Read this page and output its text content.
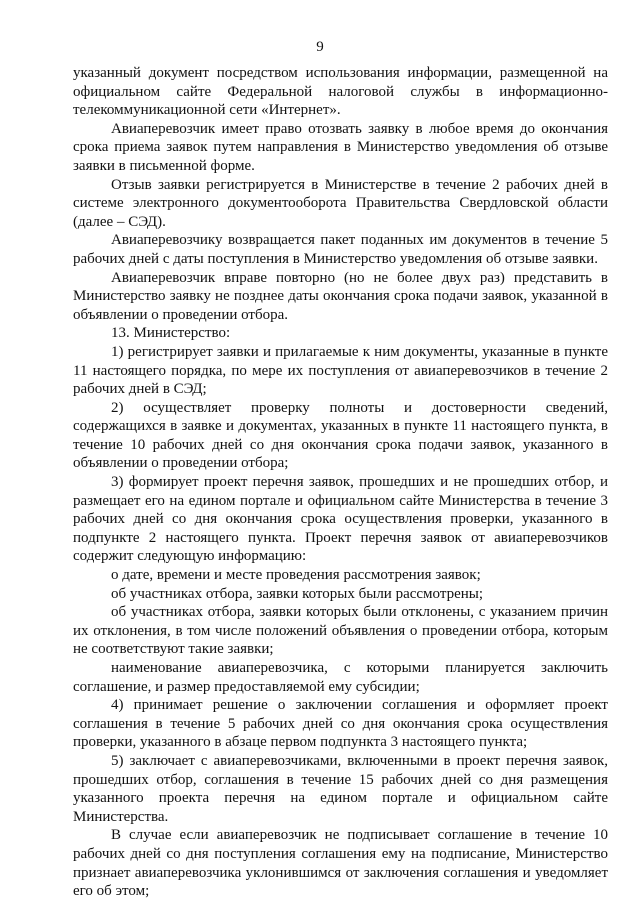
9

указанный документ посредством использования информации, размещенной на официальном сайте Федеральной налоговой службы в информационно-телекоммуникационной сети «Интернет».

Авиаперевозчик имеет право отозвать заявку в любое время до окончания срока приема заявок путем направления в Министерство уведомления об отзыве заявки в письменной форме.

Отзыв заявки регистрируется в Министерстве в течение 2 рабочих дней в системе электронного документооборота Правительства Свердловской области (далее – СЭД).

Авиаперевозчику возвращается пакет поданных им документов в течение 5 рабочих дней с даты поступления в Министерство уведомления об отзыве заявки.

Авиаперевозчик вправе повторно (но не более двух раз) представить в Министерство заявку не позднее даты окончания срока подачи заявок, указанной в объявлении о проведении отбора.

13. Министерство:

1) регистрирует заявки и прилагаемые к ним документы, указанные в пункте 11 настоящего порядка, по мере их поступления от авиаперевозчиков в течение 2 рабочих дней в СЭД;

2) осуществляет проверку полноты и достоверности сведений, содержащихся в заявке и документах, указанных в пункте 11 настоящего пункта, в течение 10 рабочих дней со дня окончания срока подачи заявок, указанного в объявлении о проведении отбора;

3) формирует проект перечня заявок, прошедших и не прошедших отбор, и размещает его на едином портале и официальном сайте Министерства в течение 3 рабочих дней со дня окончания срока осуществления проверки, указанного в подпункте 2 настоящего пункта. Проект перечня заявок от авиаперевозчиков содержит следующую информацию:

о дате, времени и месте проведения рассмотрения заявок;

об участниках отбора, заявки которых были рассмотрены;

об участниках отбора, заявки которых были отклонены, с указанием причин их отклонения, в том числе положений объявления о проведении отбора, которым не соответствуют такие заявки;

наименование авиаперевозчика, с которыми планируется заключить соглашение, и размер предоставляемой ему субсидии;

4) принимает решение о заключении соглашения и оформляет проект соглашения в течение 5 рабочих дней со дня окончания срока осуществления проверки, указанного в абзаце первом подпункта 3 настоящего пункта;

5) заключает с авиаперевозчиками, включенными в проект перечня заявок, прошедших отбор, соглашения в течение 15 рабочих дней со дня размещения указанного проекта перечня на едином портале и официальном сайте Министерства.

В случае если авиаперевозчик не подписывает соглашение в течение 10 рабочих дней со дня поступления соглашения ему на подписание, Министерство признает авиаперевозчика уклонившимся от заключения соглашения и уведомляет его об этом;
